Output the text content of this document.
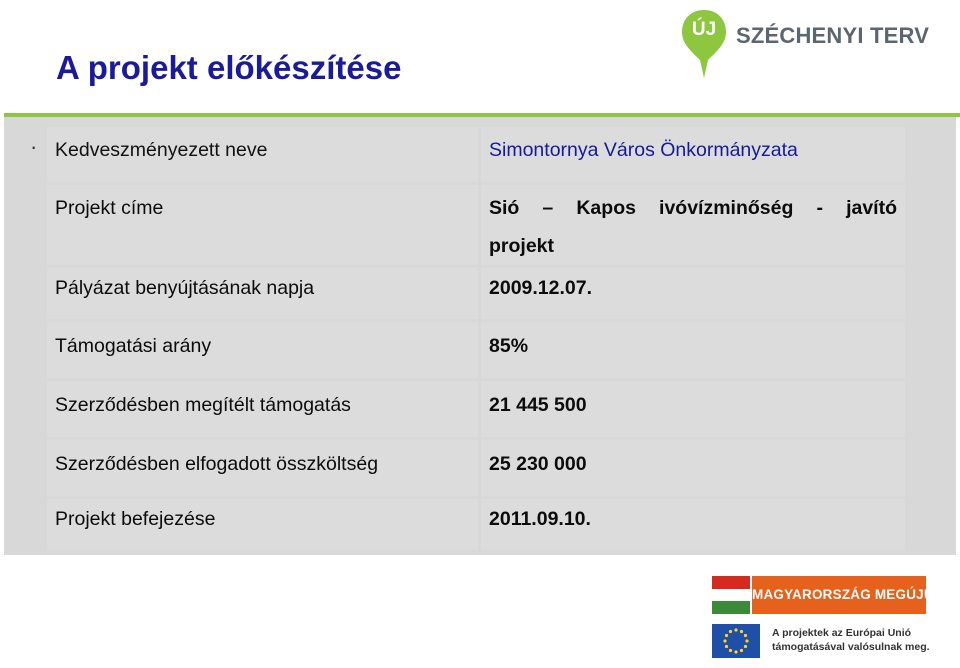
A projekt előkészítése
ÚJ SZÉCHENYI TERV
· Kedveszményezett neve	Simontornya Város Önkormányzata
Projekt címe	Sió – Kapos ivóvízminőség - javító
projekt
Pályázat benyújtásának napja	2009.12.07.
Támogatási arány	85%
Szerződésben megítélt támogatás	21 445 500
Szerződésben elfogadott összköltség	25 230 000
Projekt befejezése	2011.09.10.
MAGYARORSZÁG MEGÚJUL
A projektek az Európai Unió
támogatásával valósulnak meg.
